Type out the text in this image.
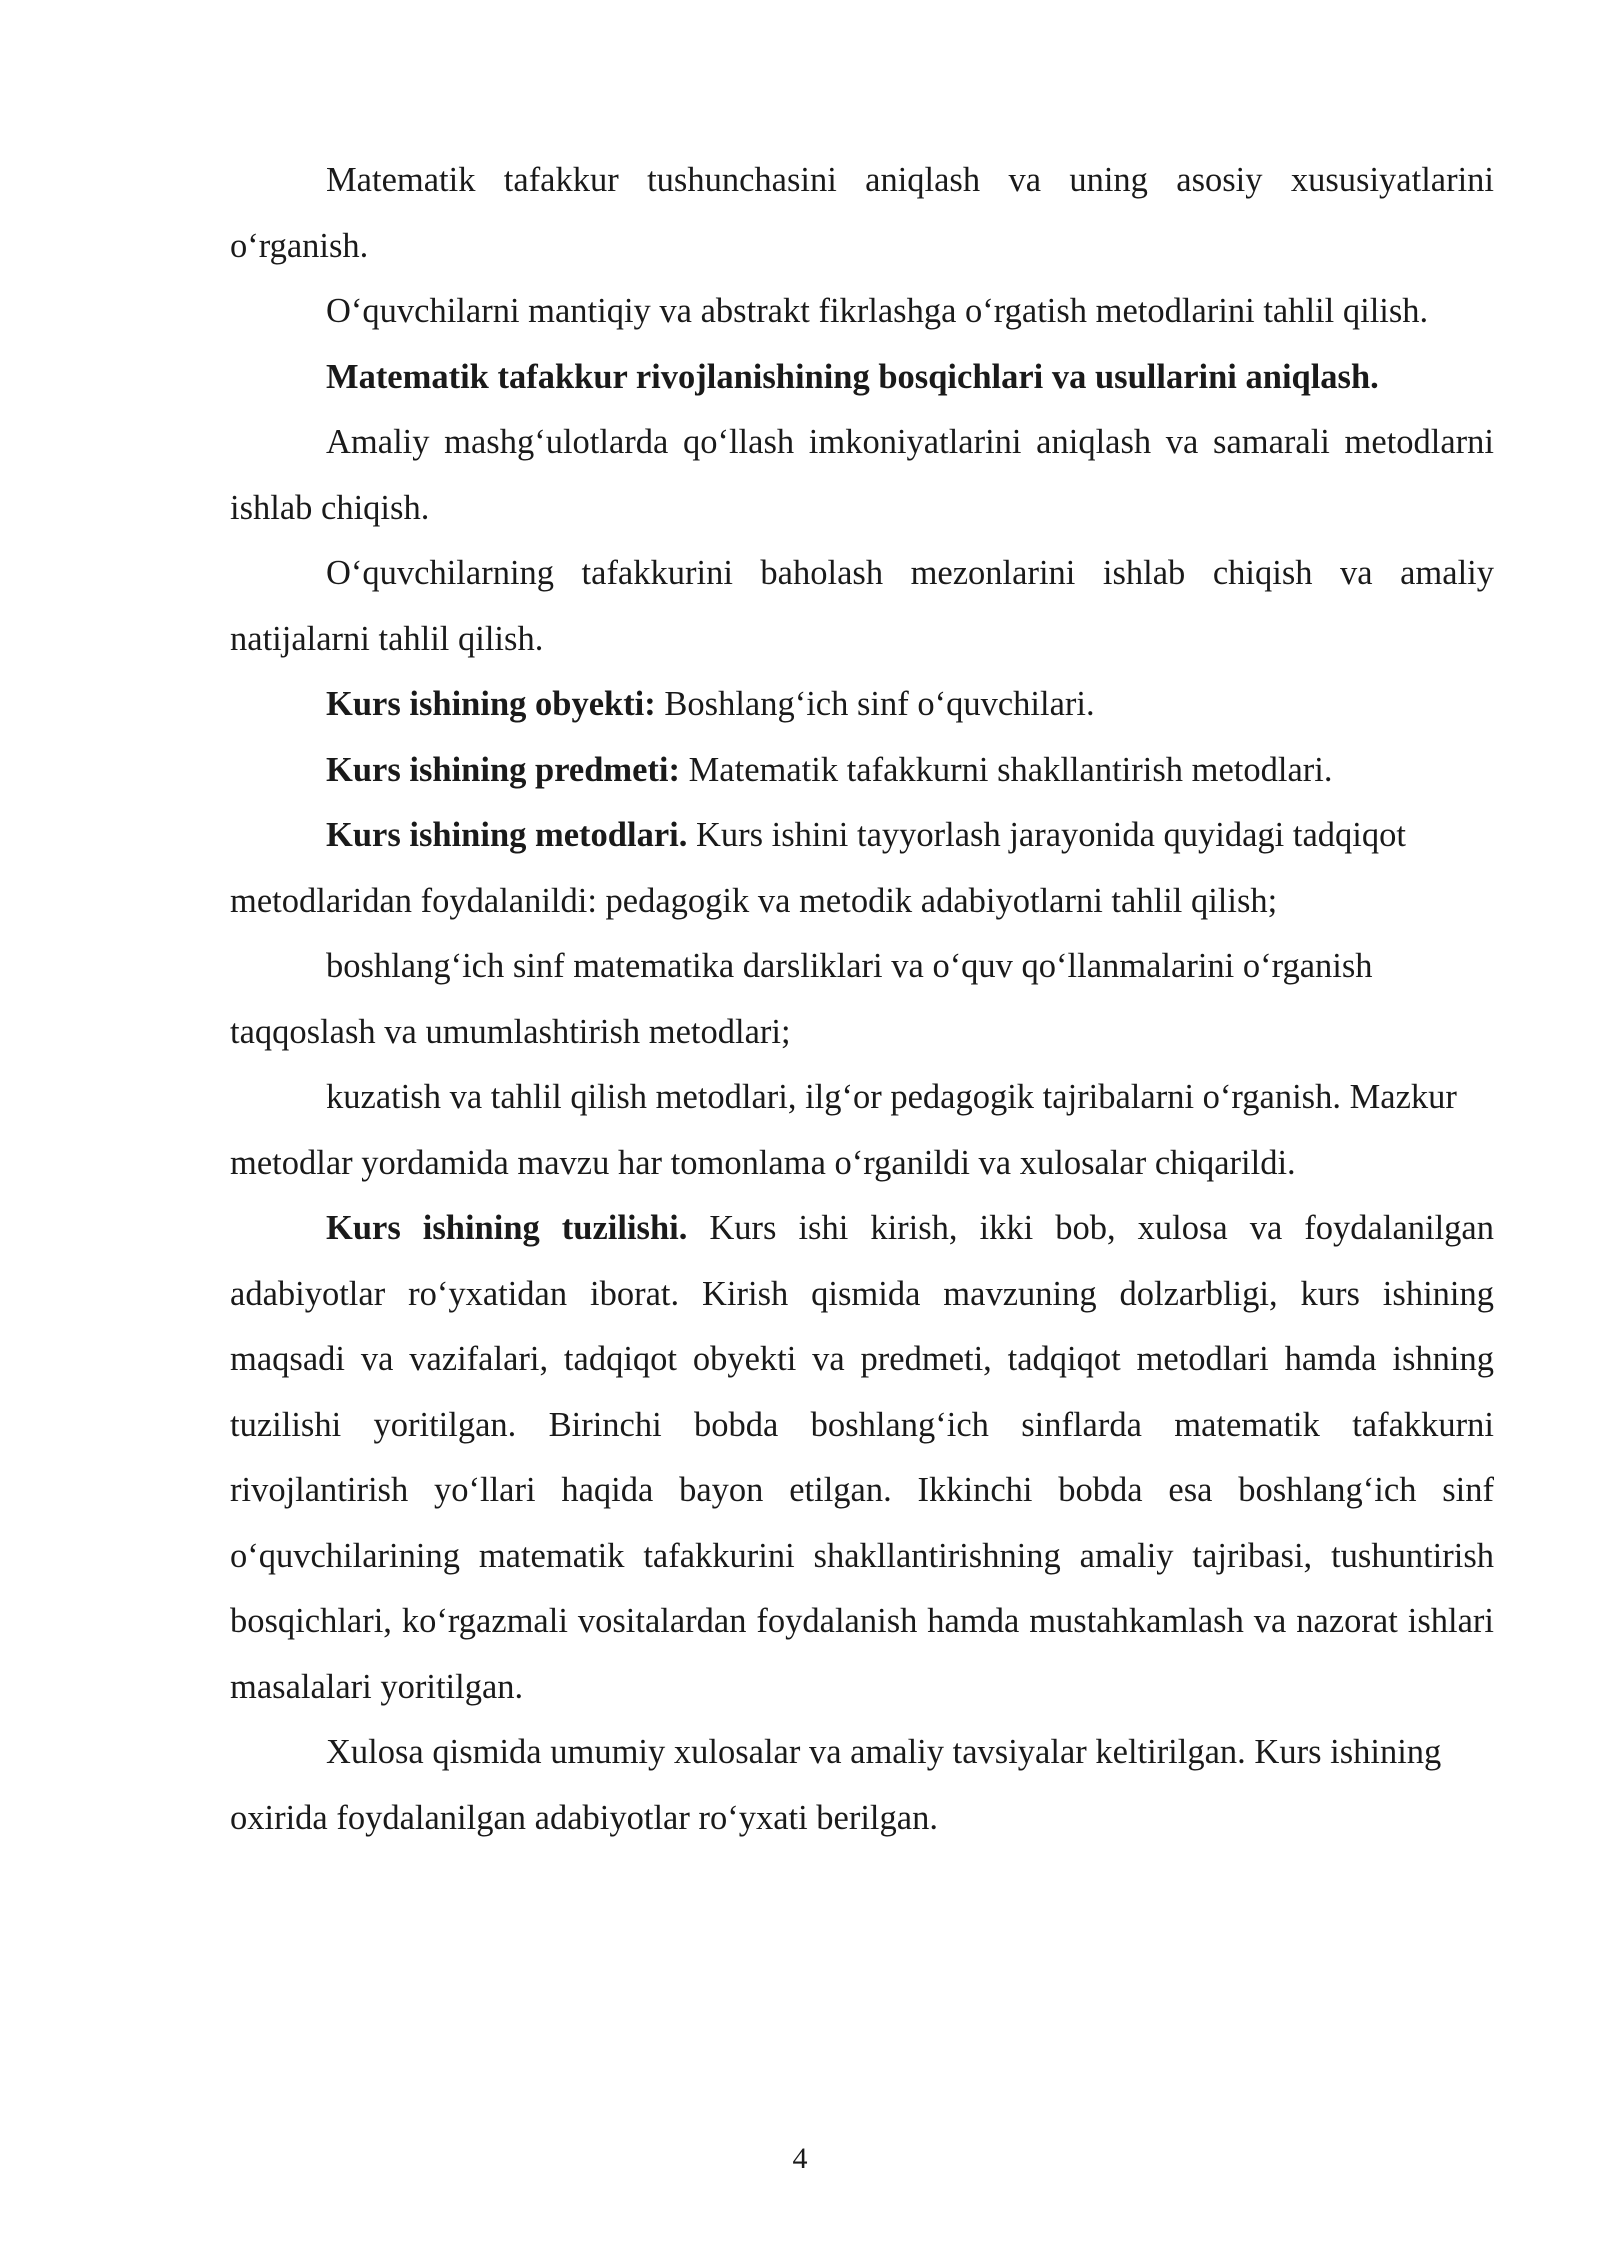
Matematik tafakkur tushunchasini aniqlash va uning asosiy xususiyatlarini o‘rganish.

O‘quvchilarni mantiqiy va abstrakt fikrlashga o‘rgatish metodlarini tahlil qilish.

Matematik tafakkur rivojlanishining bosqichlari va usullarini aniqlash.

Amaliy mashg‘ulotlarda qo‘llash imkoniyatlarini aniqlash va samarali metodlarni ishlab chiqish.

O‘quvchilarning tafakkurini baholash mezonlarini ishlab chiqish va amaliy natijalarni tahlil qilish.

Kurs ishining obyekti: Boshlang‘ich sinf o‘quvchilari.

Kurs ishining predmeti: Matematik tafakkurni shakllantirish metodlari.

Kurs ishining metodlari. Kurs ishini tayyorlash jarayonida quyidagi tadqiqot metodlaridan foydalanildi: pedagogik va metodik adabiyotlarni tahlil qilish;

boshlang‘ich sinf matematika darsliklari va o‘quv qo‘llanmalarini o‘rganish taqqoslash va umumlashtirish metodlari;

kuzatish va tahlil qilish metodlari, ilg‘or pedagogik tajribalarni o‘rganish. Mazkur metodlar yordamida mavzu har tomonlama o‘rganildi va xulosalar chiqarildi.

Kurs ishining tuzilishi. Kurs ishi kirish, ikki bob, xulosa va foydalanilgan adabiyotlar ro‘yxatidan iborat. Kirish qismida mavzuning dolzarbligi, kurs ishining maqsadi va vazifalari, tadqiqot obyekti va predmeti, tadqiqot metodlari hamda ishning tuzilishi yoritilgan. Birinchi bobda boshlang‘ich sinflarda matematik tafakkurni rivojlantirish yo‘llari haqida bayon etilgan. Ikkinchi bobda esa boshlang‘ich sinf o‘quvchilarining matematik tafakkurini shakllantirishning amaliy tajribasi, tushuntirish bosqichlari, ko‘rgazmali vositalardan foydalanish hamda mustahkamlash va nazorat ishlari masalalari yoritilgan.

Xulosa qismida umumiy xulosalar va amaliy tavsiyalar keltirilgan. Kurs ishining oxirida foydalanilgan adabiyotlar ro‘yxati berilgan.

4
